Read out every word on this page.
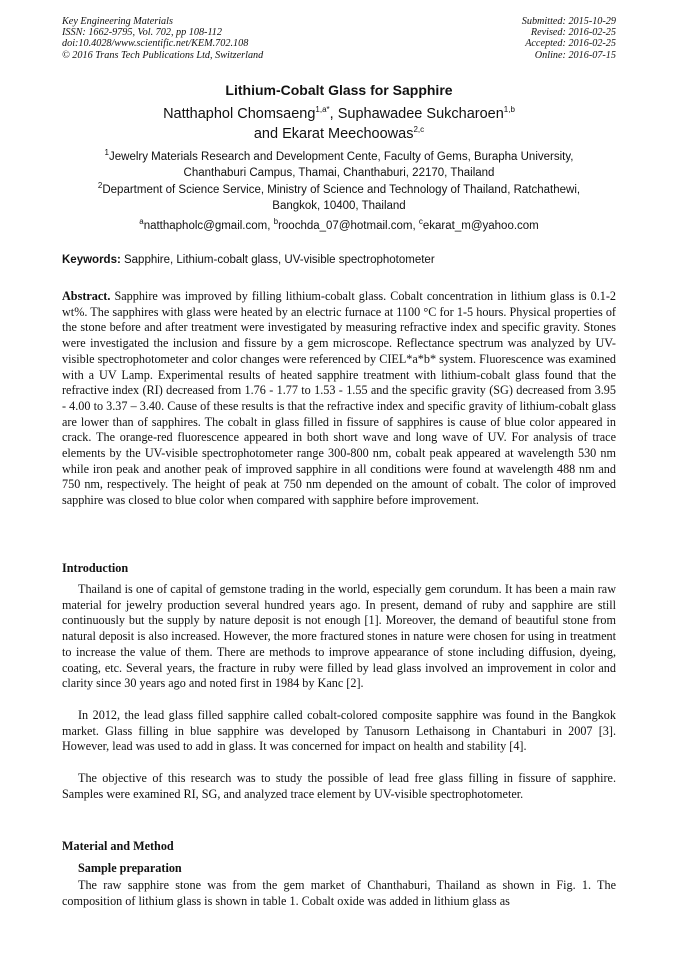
Key Engineering Materials
ISSN: 1662-9795, Vol. 702, pp 108-112
doi:10.4028/www.scientific.net/KEM.702.108
© 2016 Trans Tech Publications Ltd, Switzerland
Submitted: 2015-10-29
Revised: 2016-02-25
Accepted: 2016-02-25
Online: 2016-07-15
Lithium-Cobalt Glass for Sapphire
Natthaphol Chomsaeng$^{1,a*}$, Suphawadee Sukcharoen$^{1,b}$
and Ekarat Meechoowas$^{2,c}$
$^1$Jewelry Materials Research and Development Cente, Faculty of Gems, Burapha University,
Chanthaburi Campus, Thamai, Chanthaburi, 22170, Thailand
$^2$Department of Science Service, Ministry of Science and Technology of Thailand, Ratchathewi,
Bangkok, 10400, Thailand
$^a$natthapholc@gmail.com, $^b$roochda_07@hotmail.com, $^c$ekarat_m@yahoo.com
Keywords: Sapphire, Lithium-cobalt glass, UV-visible spectrophotometer

Abstract. Sapphire was improved by filling lithium-cobalt glass. Cobalt concentration in lithium glass is 0.1-2 wt%. The sapphires with glass were heated by an electric furnace at 1100 °C for 1-5 hours. Physical properties of the stone before and after treatment were investigated by measuring refractive index and specific gravity. Stones were investigated the inclusion and fissure by a gem microscope. Reflectance spectrum was analyzed by UV-visible spectrophotometer and color changes were referenced by CIEL*a*b* system. Fluorescence was examined with a UV Lamp. Experimental results of heated sapphire treatment with lithium-cobalt glass found that the refractive index (RI) decreased from 1.76 - 1.77 to 1.53 - 1.55 and the specific gravity (SG) decreased from 3.95 - 4.00 to 3.37 – 3.40. Cause of these results is that the refractive index and specific gravity of lithium-cobalt glass are lower than of sapphires. The cobalt in glass filled in fissure of sapphires is cause of blue color appeared in crack. The orange-red fluorescence appeared in both short wave and long wave of UV. For analysis of trace elements by the UV-visible spectrophotometer range 300-800 nm, cobalt peak appeared at wavelength 530 nm while iron peak and another peak of improved sapphire in all conditions were found at wavelength 488 nm and 750 nm, respectively. The height of peak at 750 nm depended on the amount of cobalt. The color of improved sapphire was closed to blue color when compared with sapphire before improvement.

Introduction

Thailand is one of capital of gemstone trading in the world, especially gem corundum. It has been a main raw material for jewelry production several hundred years ago. In present, demand of ruby and sapphire are still continuously but the supply by nature deposit is not enough [1]. Moreover, the demand of beautiful stone from natural deposit is also increased. However, the more fractured stones in nature were chosen for using in treatment to increase the value of them. There are methods to improve appearance of stone including diffusion, dyeing, coating, etc. Several years, the fracture in ruby were filled by lead glass involved an improvement in color and clarity since 30 years ago and noted first in 1984 by Kanc [2].

In 2012, the lead glass filled sapphire called cobalt-colored composite sapphire was found in the Bangkok market. Glass filling in blue sapphire was developed by Tanusorn Lethaisong in Chantaburi in 2007 [3]. However, lead was used to add in glass. It was concerned for impact on health and stability [4].

The objective of this research was to study the possible of lead free glass filling in fissure of sapphire. Samples were examined RI, SG, and analyzed trace element by UV-visible spectrophotometer.

Material and Method
Sample preparation

The raw sapphire stone was from the gem market of Chanthaburi, Thailand as shown in Fig. 1. The composition of lithium glass is shown in table 1. Cobalt oxide was added in lithium glass as
